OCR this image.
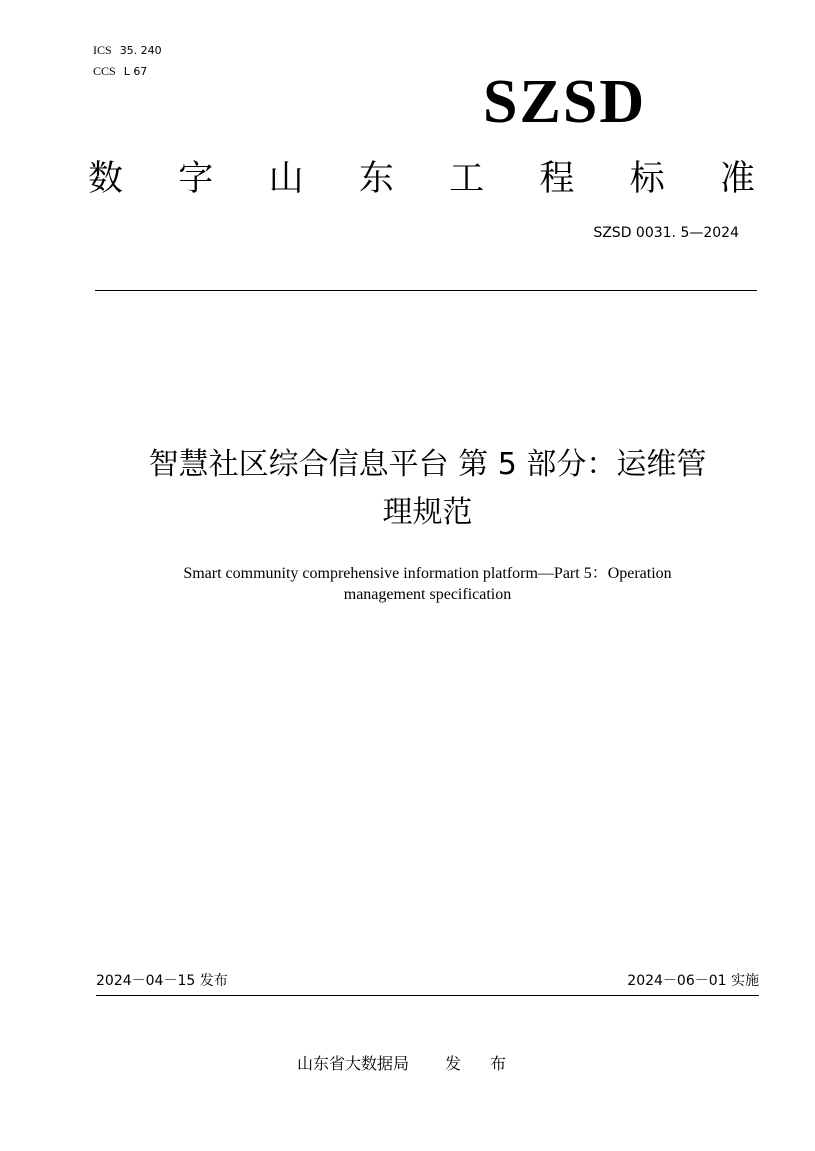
ICS 35. 240
CCS L 67	SZSD
数 字 山 东 工 程 标 准
SZSD 0031. 5—2024
智慧社区综合信息平台 第 5 部分：运维管
理规范
Smart community comprehensive information platform—Part 5：Operation
management specification
2024－04－15 发布	2024－06－01 实施
山东省大数据局 发 布
